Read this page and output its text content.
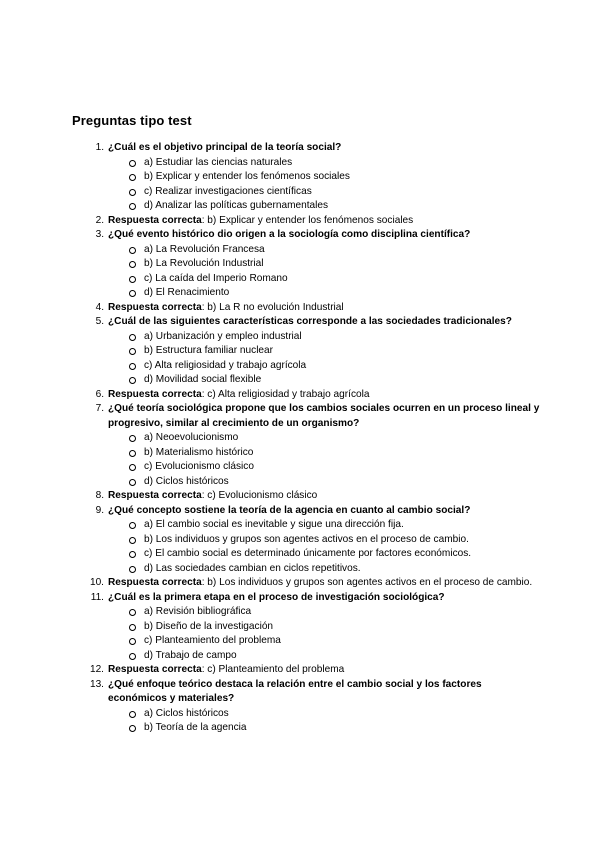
Preguntas tipo test
1. ¿Cuál es el objetivo principal de la teoría social?
a) Estudiar las ciencias naturales
b) Explicar y entender los fenómenos sociales
c) Realizar investigaciones científicas
d) Analizar las políticas gubernamentales
2. Respuesta correcta: b) Explicar y entender los fenómenos sociales
3. ¿Qué evento histórico dio origen a la sociología como disciplina científica?
a) La Revolución Francesa
b) La Revolución Industrial
c) La caída del Imperio Romano
d) El Renacimiento
4. Respuesta correcta: b) La R no evolución Industrial
5. ¿Cuál de las siguientes características corresponde a las sociedades tradicionales?
a) Urbanización y empleo industrial
b) Estructura familiar nuclear
c) Alta religiosidad y trabajo agrícola
d) Movilidad social flexible
6. Respuesta correcta: c) Alta religiosidad y trabajo agrícola
7. ¿Qué teoría sociológica propone que los cambios sociales ocurren en un proceso lineal y progresivo, similar al crecimiento de un organismo?
a) Neoevolucionismo
b) Materialismo histórico
c) Evolucionismo clásico
d) Ciclos históricos
8. Respuesta correcta: c) Evolucionismo clásico
9. ¿Qué concepto sostiene la teoría de la agencia en cuanto al cambio social?
a) El cambio social es inevitable y sigue una dirección fija.
b) Los individuos y grupos son agentes activos en el proceso de cambio.
c) El cambio social es determinado únicamente por factores económicos.
d) Las sociedades cambian en ciclos repetitivos.
10. Respuesta correcta: b) Los individuos y grupos son agentes activos en el proceso de cambio.
11. ¿Cuál es la primera etapa en el proceso de investigación sociológica?
a) Revisión bibliográfica
b) Diseño de la investigación
c) Planteamiento del problema
d) Trabajo de campo
12. Respuesta correcta: c) Planteamiento del problema
13. ¿Qué enfoque teórico destaca la relación entre el cambio social y los factores económicos y materiales?
a) Ciclos históricos
b) Teoría de la agencia
